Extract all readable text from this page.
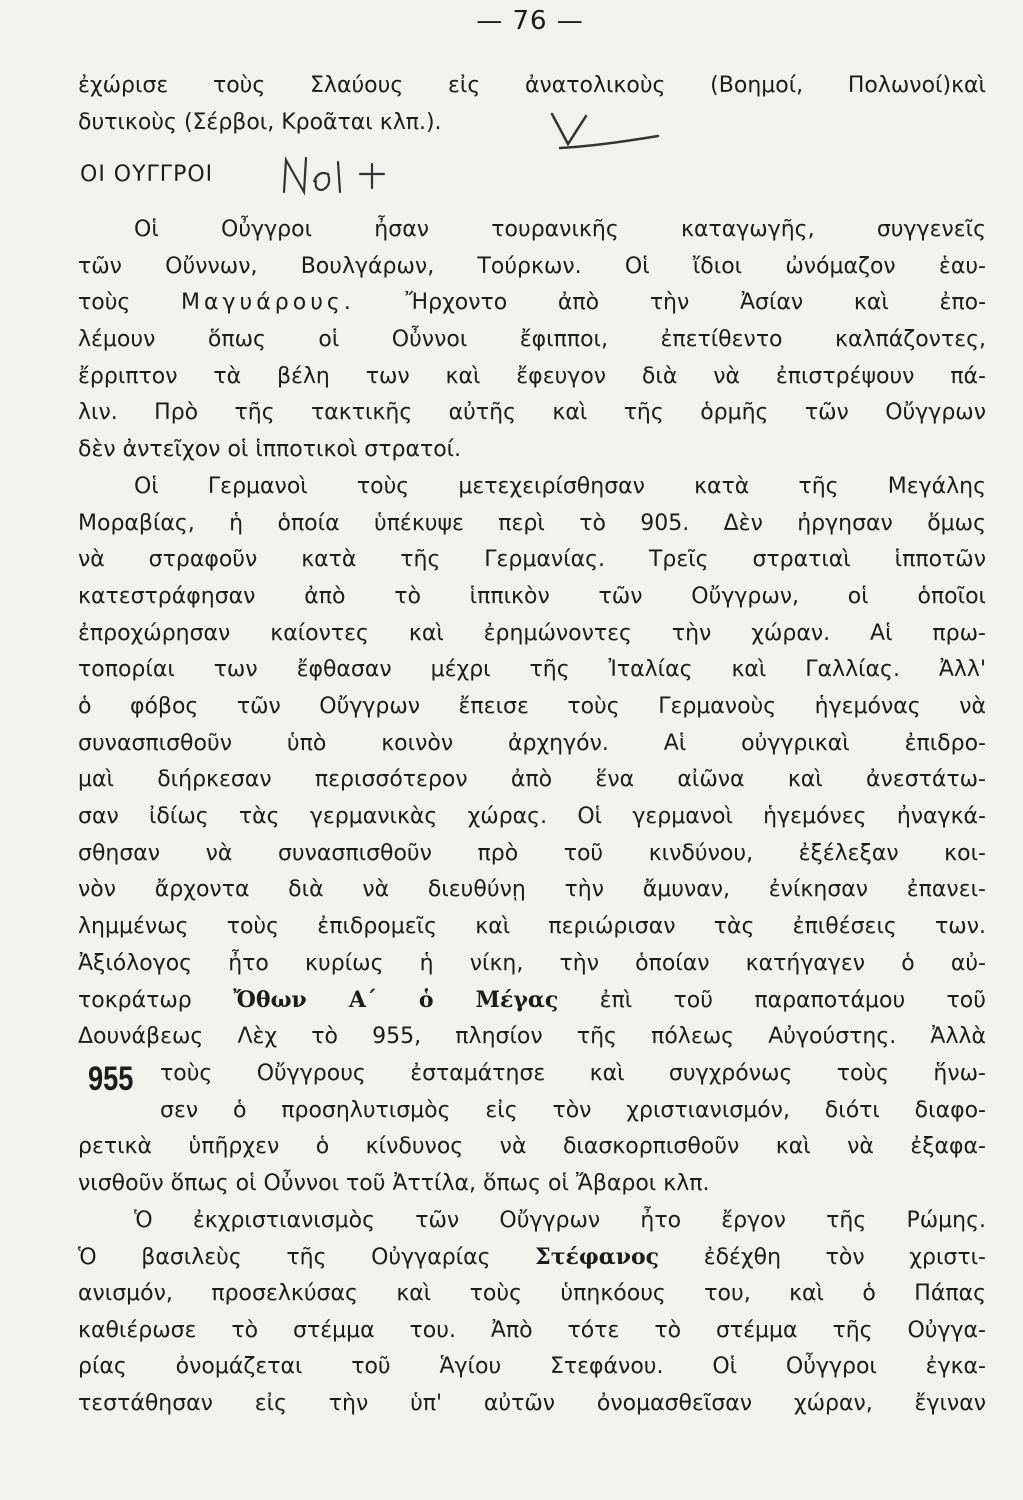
— 76 —
ἐχώρισε τοὺς Σλαύους εἰς ἀνατολικοὺς (Βοημοί, Πολωνοί)καὶ
δυτικοὺς (Σέρβοι, Κροᾶται κλπ.).
ΟΙ ΟΥΓΓΡΟΙ
Οἱ Οὖγγροι ἦσαν τουρανικῆς καταγωγῆς, συγγενεῖς
τῶν Οὔννων, Βουλγάρων, Τούρκων. Οἱ ἴδιοι ὠνόμαζον ἑαυ-
τοὺς Μαγυάρους. Ἤρχοντο ἀπὸ τὴν Ἀσίαν καὶ ἐπο-
λέμουν ὅπως οἱ Οὖννοι ἔφιπποι, ἐπετίθεντο καλπάζοντες,
ἔρριπτον τὰ βέλη των καὶ ἔφευγον διὰ νὰ ἐπιστρέψουν πά-
λιν. Πρὸ τῆς τακτικῆς αὐτῆς καὶ τῆς ὁρμῆς τῶν Οὔγγρων
δὲν ἀντεῖχον οἱ ἱπποτικοὶ στρατοί.
Οἱ Γερμανοὶ τοὺς μετεχειρίσθησαν κατὰ τῆς Μεγάλης
Μοραβίας, ἡ ὁποία ὑπέκυψε περὶ τὸ 905. Δὲν ἠργησαν ὅμως
νὰ στραφοῦν κατὰ τῆς Γερμανίας. Τρεῖς στρατιαὶ ἱπποτῶν
κατεστράφησαν ἀπὸ τὸ ἱππικὸν τῶν Οὔγγρων, οἱ ὁποῖοι
ἐπροχώρησαν καίοντες καὶ ἐρημώνοντες τὴν χώραν. Αἱ πρω-
τοπορίαι των ἔφθασαν μέχρι τῆς Ἰταλίας καὶ Γαλλίας. Ἀλλ'
ὁ φόβος τῶν Οὔγγρων ἔπεισε τοὺς Γερμανοὺς ἡγεμόνας νὰ
συνασπισθοῦν ὑπὸ κοινὸν ἀρχηγόν. Αἱ οὐγγρικαὶ ἐπιδρο-
μαὶ διήρκεσαν περισσότερον ἀπὸ ἕνα αἰῶνα καὶ ἀνεστάτω-
σαν ἰδίως τὰς γερμανικὰς χώρας. Οἱ γερμανοὶ ἡγεμόνες ἠναγκά-
σθησαν νὰ συνασπισθοῦν πρὸ τοῦ κινδύνου, ἐξέλεξαν κοι-
νὸν ἄρχοντα διὰ νὰ διευθύνῃ τὴν ἄμυναν, ἐνίκησαν ἐπανει-
λημμένως τοὺς ἐπιδρομεῖς καὶ περιώρισαν τὰς ἐπιθέσεις των.
Ἀξιόλογος ἦτο κυρίως ἡ νίκη, τὴν ὁποίαν κατήγαγεν ὁ αὐ-
τοκράτωρ Ὄθων Α΄ ὁ Μέγας ἐπὶ τοῦ παραποτάμου τοῦ
Δουνάβεως Λὲχ τὸ 955, πλησίον τῆς πόλεως Αὐγούστης. Ἀλλὰ
τοὺς Οὔγγρους ἐσταμάτησε καὶ συγχρόνως τοὺς ἥνω-
σεν ὁ προσηλυτισμὸς εἰς τὸν χριστιανισμόν, διότι διαφο-
ρετικὰ ὑπῆρχεν ὁ κίνδυνος νὰ διασκορπισθοῦν καὶ νὰ ἐξαφα-
νισθοῦν ὅπως οἱ Οὖννοι τοῦ Ἀττίλα, ὅπως οἱ Ἄβαροι κλπ.
Ὁ ἐκχριστιανισμὸς τῶν Οὔγγρων ἦτο ἔργον τῆς Ρώμης.
Ὁ βασιλεὺς τῆς Οὐγγαρίας Στέφανος ἐδέχθη τὸν χριστι-
ανισμόν, προσελκύσας καὶ τοὺς ὑπηκόους του, καὶ ὁ Πάπας
καθιέρωσε τὸ στέμμα του. Ἀπὸ τότε τὸ στέμμα τῆς Οὐγγα-
ρίας ὀνομάζεται τοῦ Ἁγίου Στεφάνου. Οἱ Οὖγγροι ἐγκα-
τεστάθησαν εἰς τὴν ὑπ' αὐτῶν ὀνομασθεῖσαν χώραν, ἔγιναν
955
